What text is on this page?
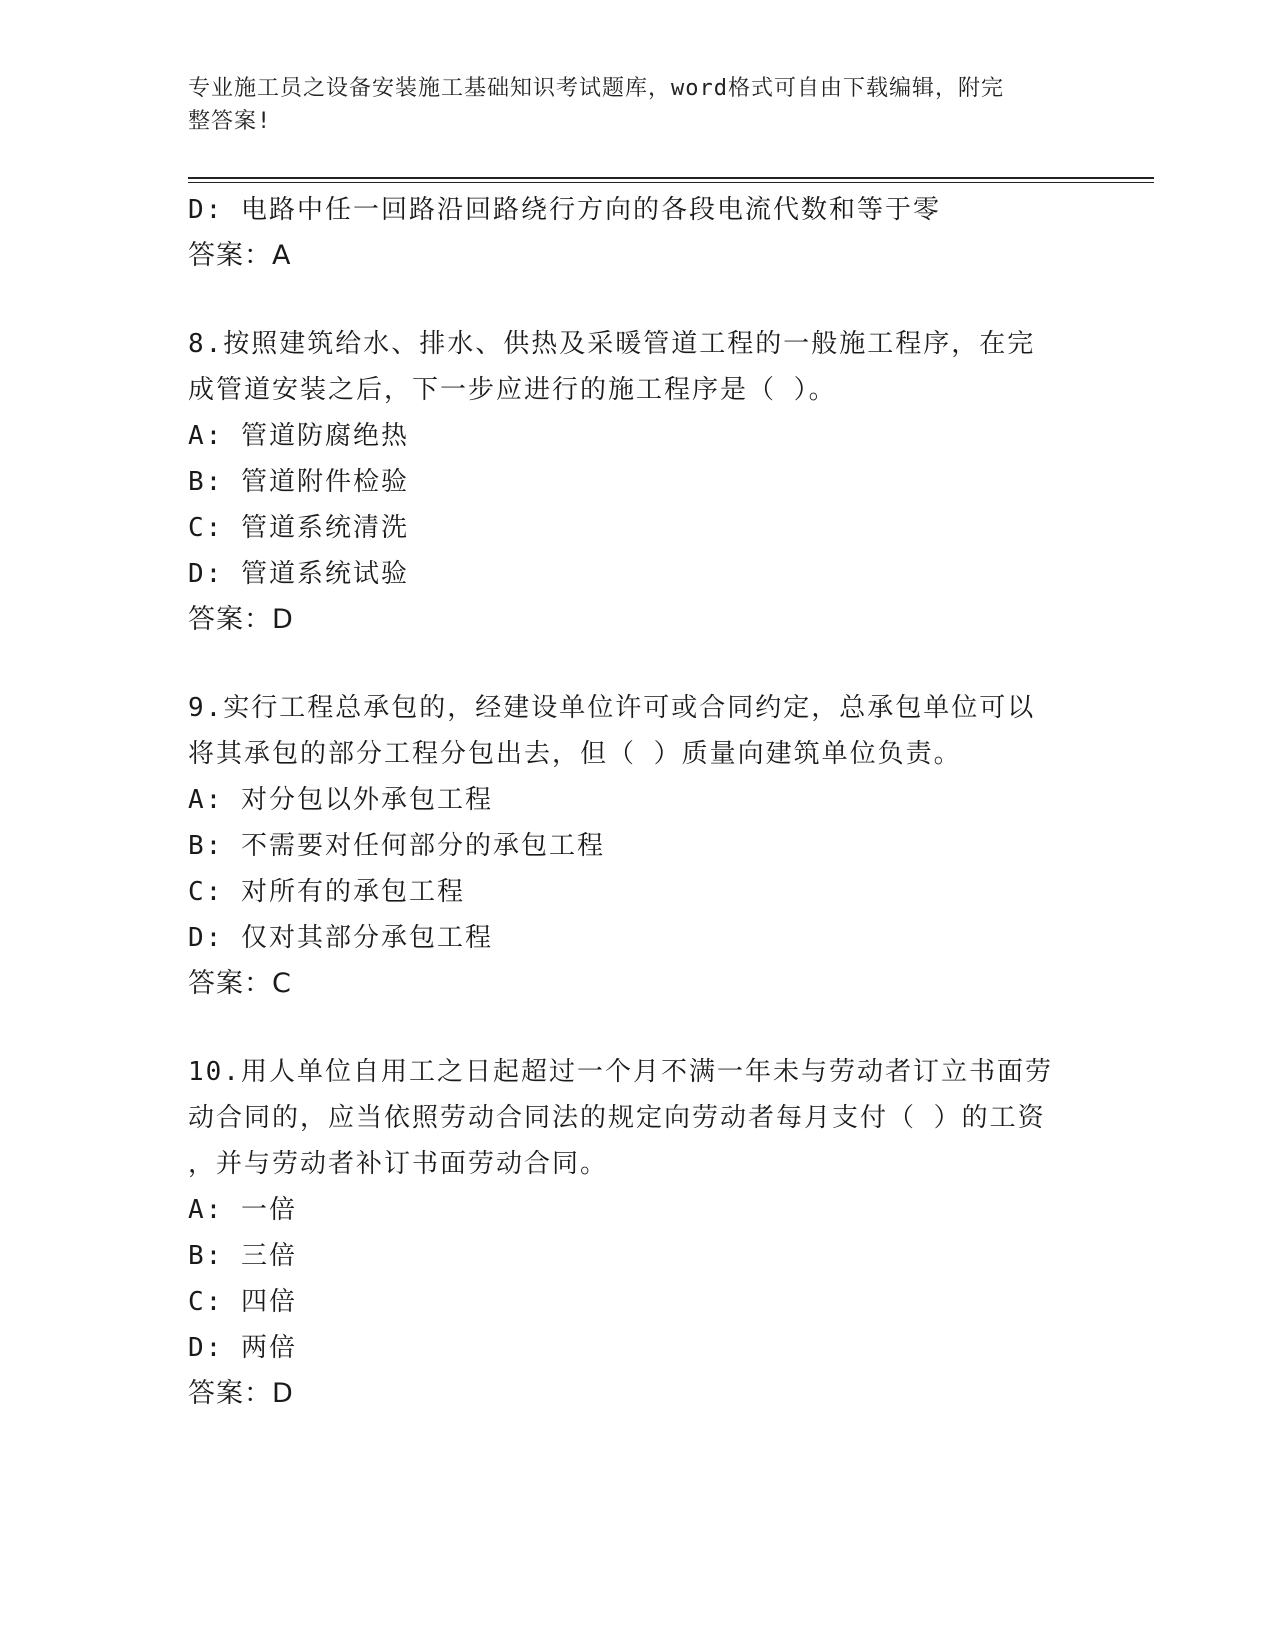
专业施工员之设备安装施工基础知识考试题库，word格式可自由下载编辑，附完
整答案!
D: 电路中任一回路沿回路绕行方向的各段电流代数和等于零
答案：A
8.按照建筑给水、排水、供热及采暖管道工程的一般施工程序，在完
成管道安装之后，下一步应进行的施工程序是（ ）。
A: 管道防腐绝热
B: 管道附件检验
C: 管道系统清洗
D: 管道系统试验
答案：D
9.实行工程总承包的，经建设单位许可或合同约定，总承包单位可以
将其承包的部分工程分包出去，但（ ）质量向建筑单位负责。
A: 对分包以外承包工程
B: 不需要对任何部分的承包工程
C: 对所有的承包工程
D: 仅对其部分承包工程
答案：C
10.用人单位自用工之日起超过一个月不满一年未与劳动者订立书面劳
动合同的，应当依照劳动合同法的规定向劳动者每月支付（ ）的工资
，并与劳动者补订书面劳动合同。
A: 一倍
B: 三倍
C: 四倍
D: 两倍
答案：D
